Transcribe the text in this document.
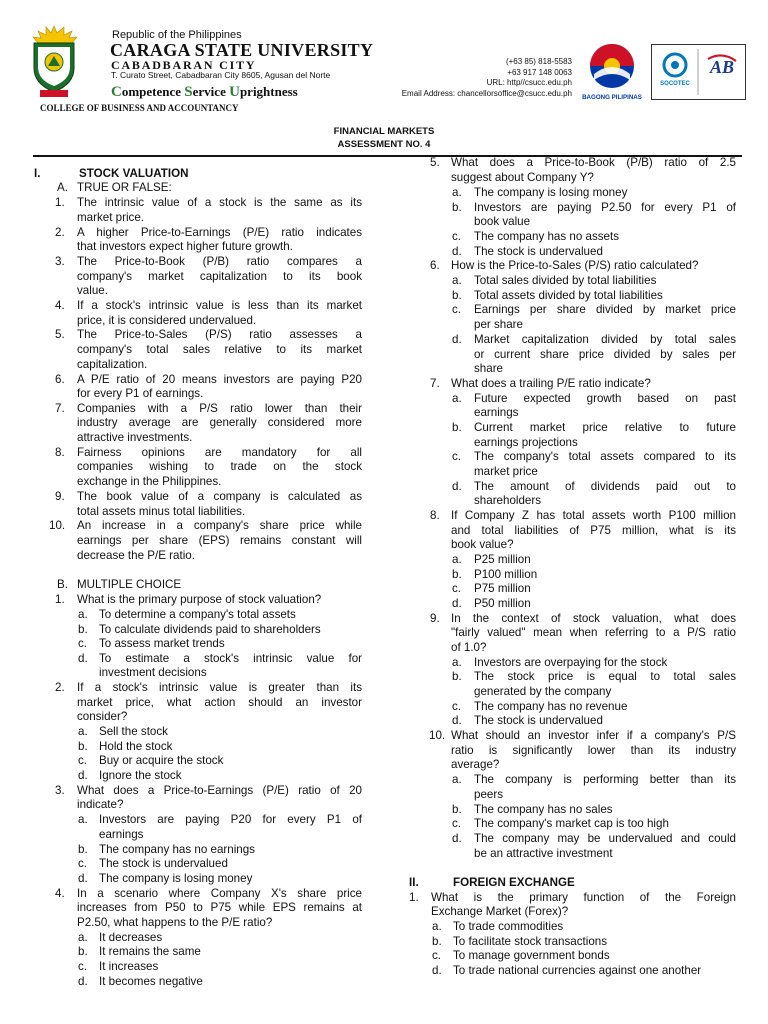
Republic of the Philippines
CARAGA STATE UNIVERSITY
CABADBARAN CITY
T. Curato Street, Cabadbaran City 8605, Agusan del Norte
Competence Service Uprightness
COLLEGE OF BUSINESS AND ACCOUNTANCY
(+63 85) 818-5583
+63 917 148 0063
URL: http//csucc.edu.ph
Email Address: chancellorsoffice@csucc.edu.ph BAGONG PILIPINAS
SOCOTEC
AB
FINANCIAL MARKETS
ASSESSMENT NO. 4
I.	STOCK VALUATION
A. TRUE OR FALSE:
1. The intrinsic value of a stock is the same as its
market price.
2. A higher Price-to-Earnings (P/E) ratio indicates
that investors expect higher future growth.
3. The Price-to-Book (P/B) ratio compares a
company's market capitalization to its book
value.
4. If a stock's intrinsic value is less than its market
price, it is considered undervalued.
5. The Price-to-Sales (P/S) ratio assesses a
company's total sales relative to its market
capitalization.
6. A P/E ratio of 20 means investors are paying P20
for every P1 of earnings.
7. Companies with a P/S ratio lower than their
industry average are generally considered more
attractive investments.
8. Fairness opinions are mandatory for all
companies wishing to trade on the stock
exchange in the Philippines.
9. The book value of a company is calculated as
total assets minus total liabilities.
10. An increase in a company's share price while
earnings per share (EPS) remains constant will
decrease the P/E ratio.
B. MULTIPLE CHOICE
1. What is the primary purpose of stock valuation?
a. To determine a company's total assets
b. To calculate dividends paid to shareholders
c. To assess market trends
d. To estimate a stock's intrinsic value for
investment decisions
2. If a stock's intrinsic value is greater than its
market price, what action should an investor
consider?
a. Sell the stock
b. Hold the stock
c. Buy or acquire the stock
d. Ignore the stock
3. What does a Price-to-Earnings (P/E) ratio of 20
indicate?
a. Investors are paying P20 for every P1 of
earnings
b. The company has no earnings
c. The stock is undervalued
d. The company is losing money
4. In a scenario where Company X's share price
increases from P50 to P75 while EPS remains at
P2.50, what happens to the P/E ratio?
a. It decreases
b. It remains the same
c. It increases
d. It becomes negative
5. What does a Price-to-Book (P/B) ratio of 2.5
suggest about Company Y?
a. The company is losing money
b. Investors are paying P2.50 for every P1 of
book value
c. The company has no assets
d. The stock is undervalued
6. How is the Price-to-Sales (P/S) ratio calculated?
a. Total sales divided by total liabilities
b. Total assets divided by total liabilities
c. Earnings per share divided by market price
per share
d. Market capitalization divided by total sales
or current share price divided by sales per
share
7. What does a trailing P/E ratio indicate?
a. Future expected growth based on past
earnings
b. Current market price relative to future
earnings projections
c. The company's total assets compared to its
market price
d. The amount of dividends paid out to
shareholders
8. If Company Z has total assets worth P100 million
and total liabilities of P75 million, what is its
book value?
a. P25 million
b. P100 million
c. P75 million
d. P50 million
9. In the context of stock valuation, what does
"fairly valued" mean when referring to a P/S ratio
of 1.0?
a. Investors are overpaying for the stock
b. The stock price is equal to total sales
generated by the company
c. The company has no revenue
d. The stock is undervalued
10. What should an investor infer if a company's P/S
ratio is significantly lower than its industry
average?
a. The company is performing better than its
peers
b. The company has no sales
c. The company's market cap is too high
d. The company may be undervalued and could
be an attractive investment
II.	FOREIGN EXCHANGE
1. What is the primary function of the Foreign
Exchange Market (Forex)?
a. To trade commodities
b. To facilitate stock transactions
c. To manage government bonds
d. To trade national currencies against one another
